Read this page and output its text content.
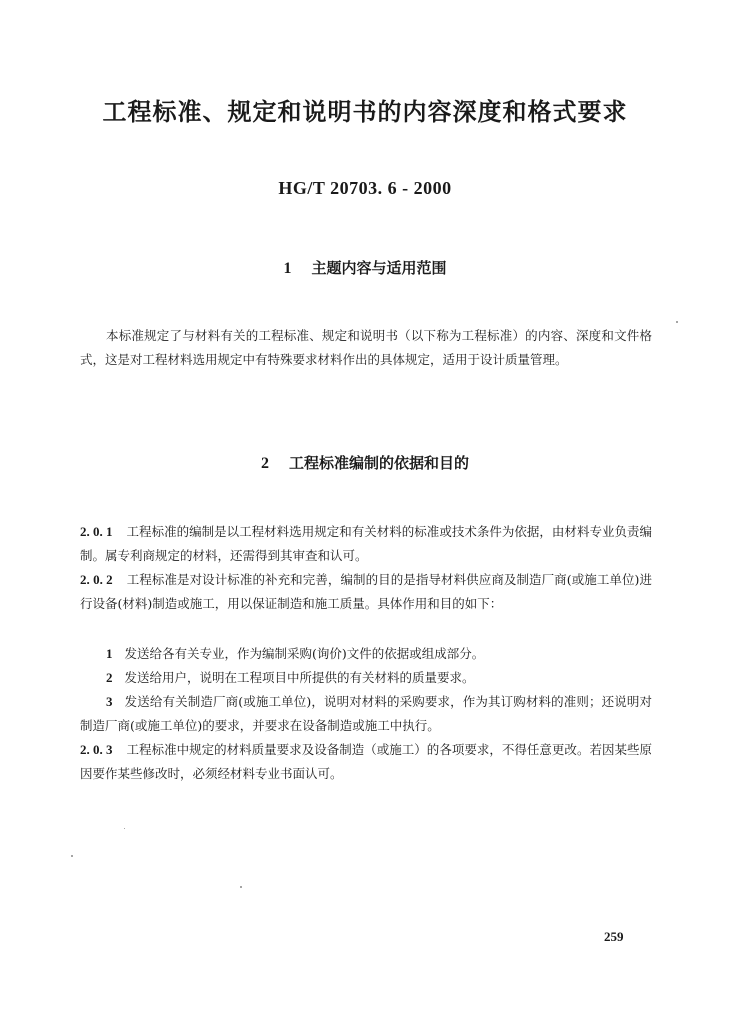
工程标准、规定和说明书的内容深度和格式要求
HG/T 20703. 6 - 2000
1 主题内容与适用范围
本标准规定了与材料有关的工程标准、规定和说明书（以下称为工程标准）的内容、深度和文件格式，这是对工程材料选用规定中有特殊要求材料作出的具体规定，适用于设计质量管理。
2 工程标准编制的依据和目的
2. 0. 1 工程标准的编制是以工程材料选用规定和有关材料的标准或技术条件为依据，由材料专业负责编制。属专利商规定的材料，还需得到其审查和认可。
2. 0. 2 工程标准是对设计标准的补充和完善，编制的目的是指导材料供应商及制造厂商(或施工单位)进行设备(材料)制造或施工，用以保证制造和施工质量。具体作用和目的如下：
1 发送给各有关专业，作为编制采购(询价)文件的依据或组成部分。
2 发送给用户，说明在工程项目中所提供的有关材料的质量要求。
3 发送给有关制造厂商(或施工单位)，说明对材料的采购要求，作为其订购材料的准则；还说明对制造厂商(或施工单位)的要求，并要求在设备制造或施工中执行。
2. 0. 3 工程标准中规定的材料质量要求及设备制造（或施工）的各项要求，不得任意更改。若因某些原因要作某些修改时，必须经材料专业书面认可。
259
